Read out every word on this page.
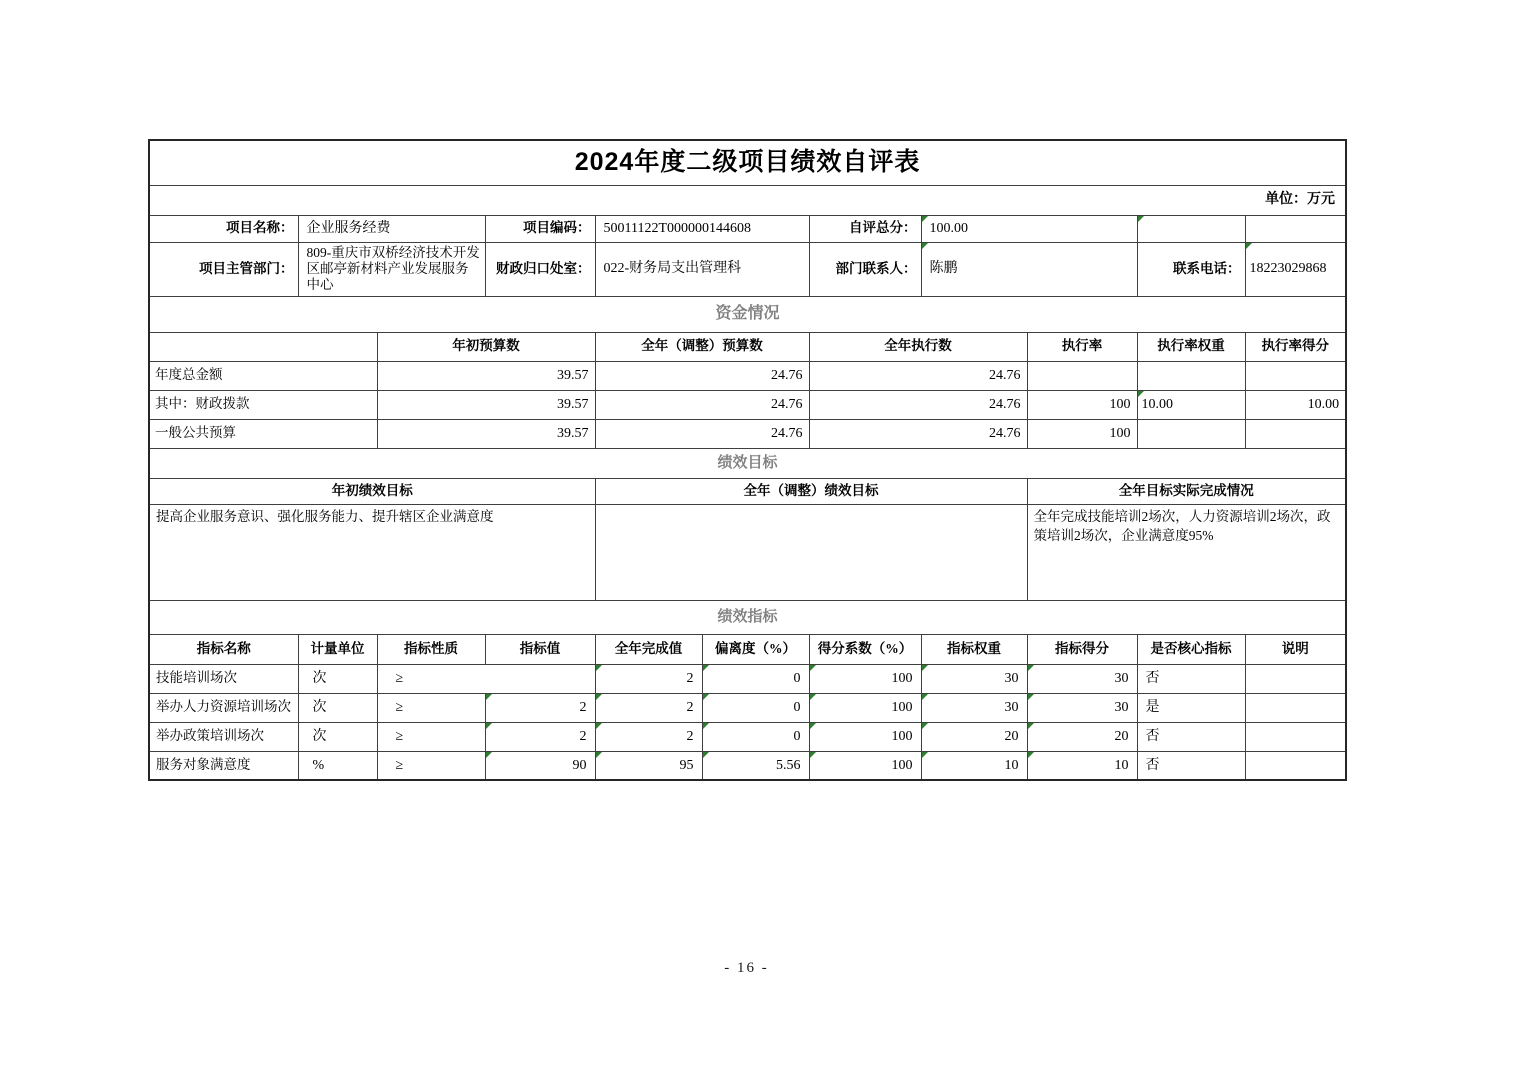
2024年度二级项目绩效自评表										
单位：万元										
项目名称：	企业服务经费		项目编码：	50011122T000000144608		自评总分：	100.00		

项目主管部门：	809-重庆市双桥经济技术开发区邮亭新材料产业发展服务中心		财政归口处室：	022-财务局支出管理科		部门联系人：	陈鹏		联系电话：	18223029868
资金情况										
		年初预算数		全年（调整）预算数		全年执行数		执行率	执行率权重	执行率得分
年度总金额		39.57		24.76		24.76				
其中：财政拨款		39.57		24.76		24.76		100	10.00	10.00
一般公共预算		39.57		24.76		24.76		100		
绩效目标										
年初绩效目标				全年（调整）绩效目标				全年目标实际完成情况		
提高企业服务意识、强化服务能力、提升辖区企业满意度								全年完成技能培训2场次，人力资源培训2场次，政策培训2场次，企业满意度95%		
绩效指标										
指标名称	计量单位	指标性质	指标值	全年完成值	偏离度（%）	得分系数（%）	指标权重	指标得分	是否核心指标	说明
技能培训场次	次	≥		2	0	100	30	30	否	
举办人力资源培训场次	次	≥	2	2	0	100	30	30	是	
举办政策培训场次	次	≥	2	2	0	100	20	20	否	
服务对象满意度	%	≥	90	95	5.56	100	10	10	否	
- 16 -
